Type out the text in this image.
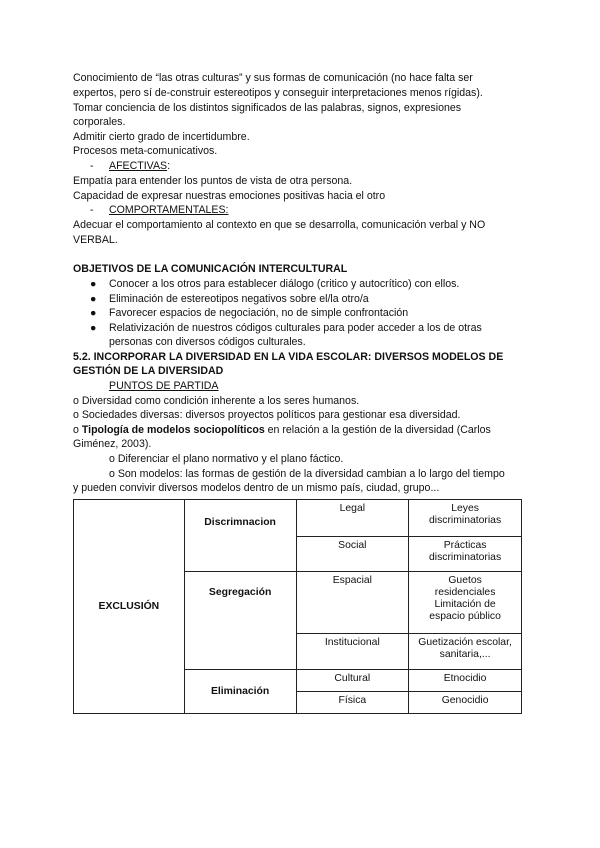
Conocimiento de “las otras culturas” y sus formas de comunicación (no hace falta ser
expertos, pero sí de-construir estereotipos y conseguir interpretaciones menos rígidas).
Tomar conciencia de los distintos significados de las palabras, signos, expresiones
corporales.
Admitir cierto grado de incertidumbre.
Procesos meta-comunicativos.
- AFECTIVAS:
Empatía para entender los puntos de vista de otra persona.
Capacidad de expresar nuestras emociones positivas hacia el otro
- COMPORTAMENTALES:
Adecuar el comportamiento al contexto en que se desarrolla, comunicación verbal y NO
VERBAL.
OBJETIVOS DE LA COMUNICACIÓN INTERCULTURAL
● Conocer a los otros para establecer diálogo (critico y autocrítico) con ellos.
● Eliminación de estereotipos negativos sobre el/la otro/a
● Favorecer espacios de negociación, no de simple confrontación
● Relativización de nuestros códigos culturales para poder acceder a los de otras
personas con diversos códigos culturales.
5.2. INCORPORAR LA DIVERSIDAD EN LA VIDA ESCOLAR: DIVERSOS MODELOS DE
GESTIÓN DE LA DIVERSIDAD
PUNTOS DE PARTIDA
o Diversidad como condición inherente a los seres humanos.
o Sociedades diversas: diversos proyectos políticos para gestionar esa diversidad.
o Tipología de modelos sociopolíticos en relación a la gestión de la diversidad (Carlos
Giménez, 2003).
o Diferenciar el plano normativo y el plano fáctico.
o Son modelos: las formas de gestión de la diversidad cambian a lo largo del tiempo
y pueden convivir diversos modelos dentro de un mismo país, ciudad, grupo...
EXCLUSIÓN	Discrimnacion	Legal	Leyes
discriminatorias

		Social	Prácticas
discriminatorias

	Segregación	Espacial	Guetos
residenciales
Limitación de
espacio público

		Institucional	Guetización escolar,
sanitaria,...

	Eliminación	Cultural	Etnocidio
		Física	Genocidio
